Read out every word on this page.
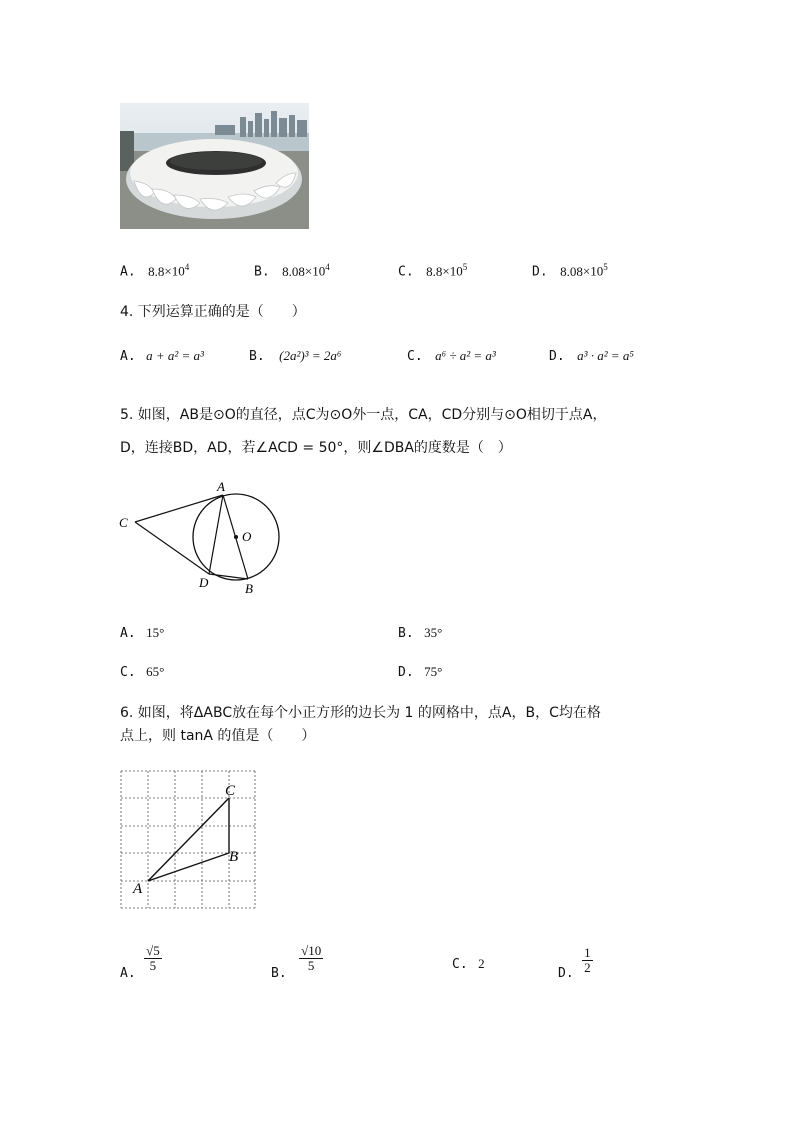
A. $8.8\times 10^4$	B. $8.08\times 10^4$	C. $8.8\times 10^5$	D. $8.08\times 10^5$
4. 下列运算正确的是（　　）
A. a + a² = a³	B. (2a²)³ = 2a⁶	C. a⁶ ÷ a² = a³	D. a³ · a² = a⁵
5. 如图，AB是⊙O的直径，点C为⊙O外一点，CA，CD分别与⊙O相切于点A，
D，连接BD，AD，若∠ACD = 50°，则∠DBA的度数是（　）
A
C
O
D	B
A. 15°	B. 35°
C. 65°	D. 75°
6. 如图，将ΔABC放在每个小正方形的边长为 1 的网格中，点A，B，C均在格
点上，则 tanA 的值是（　　）
C
B
A
A. $\frac{√5}{5}$	B. $\frac{√10}{5}$	C. 2
D. $\frac{1}{2}$
